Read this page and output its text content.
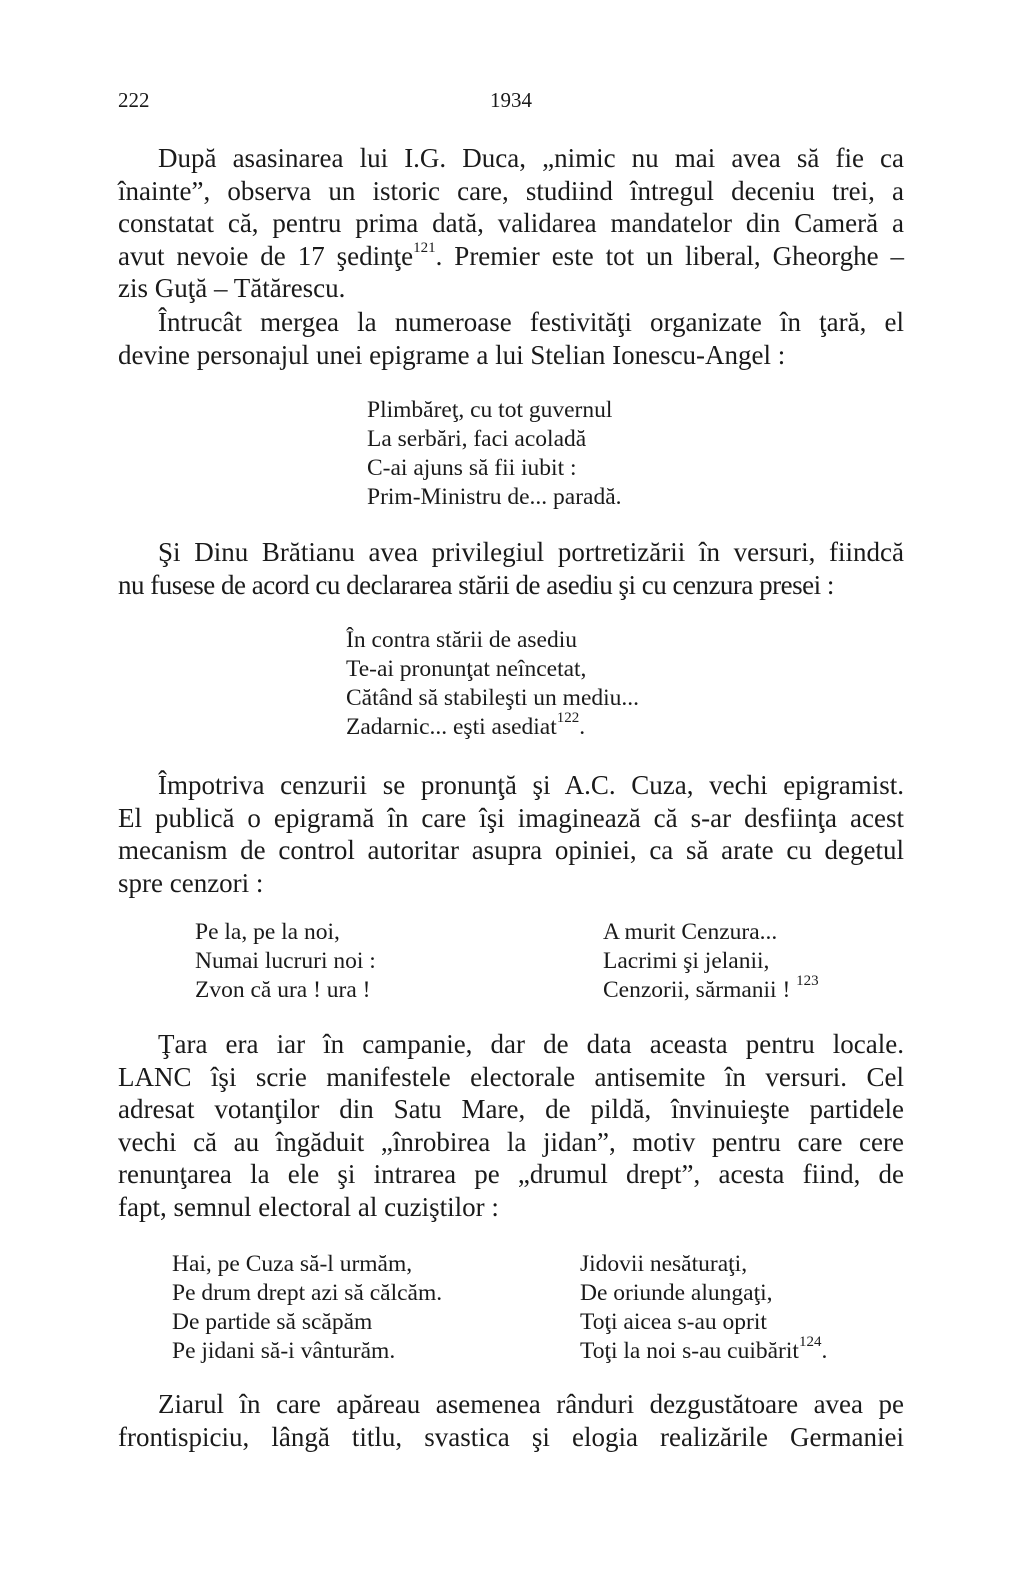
222	1934
După asasinarea lui I.G. Duca, „nimic nu mai avea să fie ca
înainte”, observa un istoric care, studiind întregul deceniu trei, a
constatat că, pentru prima dată, validarea mandatelor din Cameră a
avut nevoie de 17 şedinţe$^{121}$. Premier este tot un liberal, Gheorghe –
zis Guţă – Tătărescu.
Întrucât mergea la numeroase festivităţi organizate în ţară, el
devine personajul unei epigrame a lui Stelian Ionescu-Angel :
Plimbăreţ, cu tot guvernul
La serbări, faci acoladă
C-ai ajuns să fii iubit :
Prim-Ministru de... paradă.
Şi Dinu Brătianu avea privilegiul portretizării în versuri, fiindcă
nu fusese de acord cu declararea stării de asediu şi cu cenzura presei :
În contra stării de asediu
Te-ai pronunţat neîncetat,
Cătând să stabileşti un mediu...
Zadarnic... eşti asediat$^{122}$.
Împotriva cenzurii se pronunţă şi A.C. Cuza, vechi epigramist.
El publică o epigramă în care îşi imaginează că s-ar desfiinţa acest
mecanism de control autoritar asupra opiniei, ca să arate cu degetul
spre cenzori :
Pe la, pe la noi,
Numai lucruri noi :
Zvon că ura ! ura !
A murit Cenzura...
Lacrimi şi jelanii,
Cenzorii, sărmanii ! $^{123}$
Ţara era iar în campanie, dar de data aceasta pentru locale.
LANC îşi scrie manifestele electorale antisemite în versuri. Cel
adresat votanţilor din Satu Mare, de pildă, învinuieşte partidele
vechi că au îngăduit „înrobirea la jidan”, motiv pentru care cere
renunţarea la ele şi intrarea pe „drumul drept”, acesta fiind, de
fapt, semnul electoral al cuziştilor :
Hai, pe Cuza să-l urmăm,
Pe drum drept azi să călcăm.
De partide să scăpăm
Pe jidani să-i vânturăm.
Jidovii nesăturaţi,
De oriunde alungaţi,
Toţi aicea s-au oprit
Toţi la noi s-au cuibărit$^{124}$.
Ziarul în care apăreau asemenea rânduri dezgustătoare avea pe
frontispiciu, lângă titlu, svastica şi elogia realizările Germaniei
